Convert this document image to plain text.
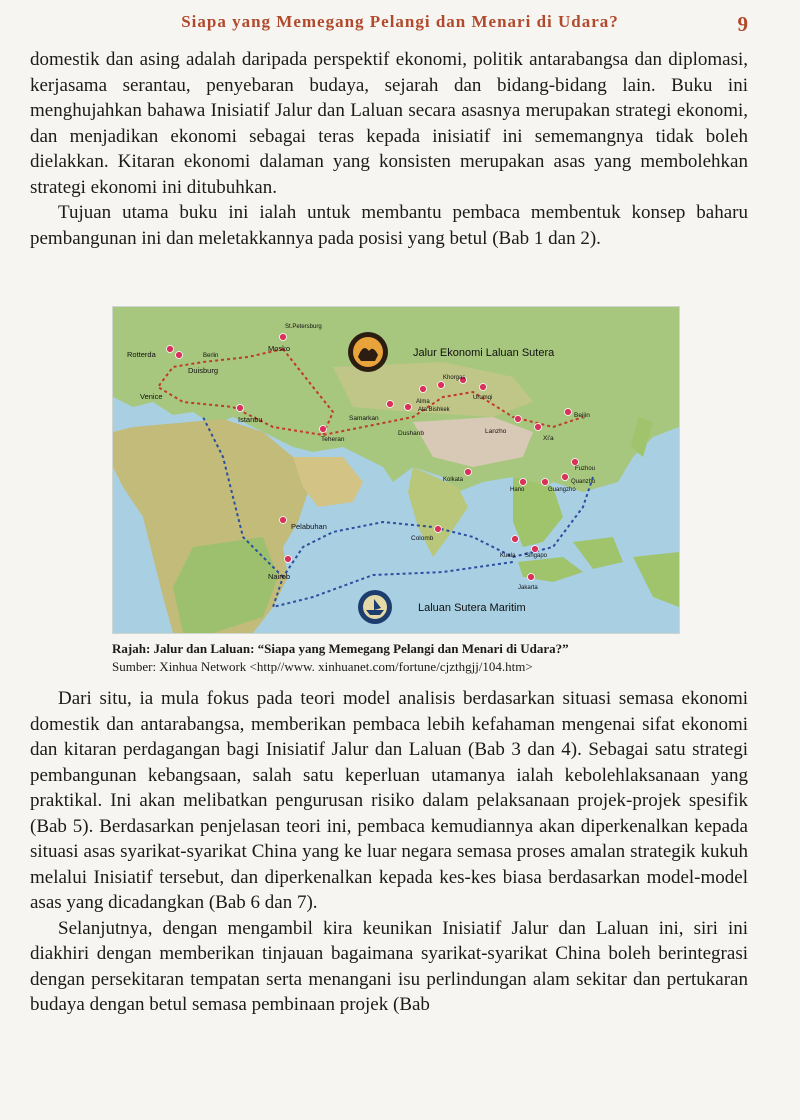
Siapa yang Memegang Pelangi dan Menari di Udara?	9

domestik dan asing adalah daripada perspektif ekonomi, politik antarabangsa dan diplomasi, kerjasama serantau, penyebaran budaya, sejarah dan bidang-bidang lain. Buku ini menghujahkan bahawa Inisiatif Jalur dan Laluan secara asasnya merupakan strategi ekonomi, dan menjadikan ekonomi sebagai teras kepada inisiatif ini sememangnya tidak boleh dielakkan. Kitaran ekonomi dalaman yang konsisten merupakan asas yang membolehkan strategi ekonomi ini ditubuhkan.

Tujuan utama buku ini ialah untuk membantu pembaca membentuk konsep baharu pembangunan ini dan meletakkannya pada posisi yang betul (Bab 1 dan 2).

Jalur Ekonomi Laluan Sutera
Laluan Sutera Maritim
St.Petersburg
Rotterda	Berlin
Duisburg
Mosko
Venice
Istanbu
Teheran
Samarkan
Dushanb
Alma
Ata Bishkek
Khorgas
Urumqi
Lanzho
Xi'a
Beijin
Fuzhou
Quanzho
Guangzho
Hano
Kolkata
Colomb
Kuala Singapo
Jakarta
Nairob
Pelabuhan
Rajah: Jalur dan Laluan: “Siapa yang Memegang Pelangi dan Menari di Udara?”
Sumber: Xinhua Network <http//www. xinhuanet.com/fortune/cjzthgjj/104.htm>

Dari situ, ia mula fokus pada teori model analisis berdasarkan situasi semasa ekonomi domestik dan antarabangsa, memberikan pembaca lebih kefahaman mengenai sifat ekonomi dan kitaran perdagangan bagi Inisiatif Jalur dan Laluan (Bab 3 dan 4). Sebagai satu strategi pembangunan kebangsaan, salah satu keperluan utamanya ialah kebolehlaksanaan yang praktikal. Ini akan melibatkan pengurusan risiko dalam pelaksanaan projek-projek spesifik (Bab 5). Berdasarkan penjelasan teori ini, pembaca kemudiannya akan diperkenalkan kepada situasi asas syarikat-syarikat China yang ke luar negara semasa proses amalan strategik kukuh melalui Inisiatif tersebut, dan diperkenalkan kepada kes-kes biasa berdasarkan model-model asas yang dicadangkan (Bab 6 dan 7).

Selanjutnya, dengan mengambil kira keunikan Inisiatif Jalur dan Laluan ini, siri ini diakhiri dengan memberikan tinjauan bagaimana syarikat-syarikat China boleh berintegrasi dengan persekitaran tempatan serta menangani isu perlindungan alam sekitar dan pertukaran budaya dengan betul semasa pembinaan projek (Bab
